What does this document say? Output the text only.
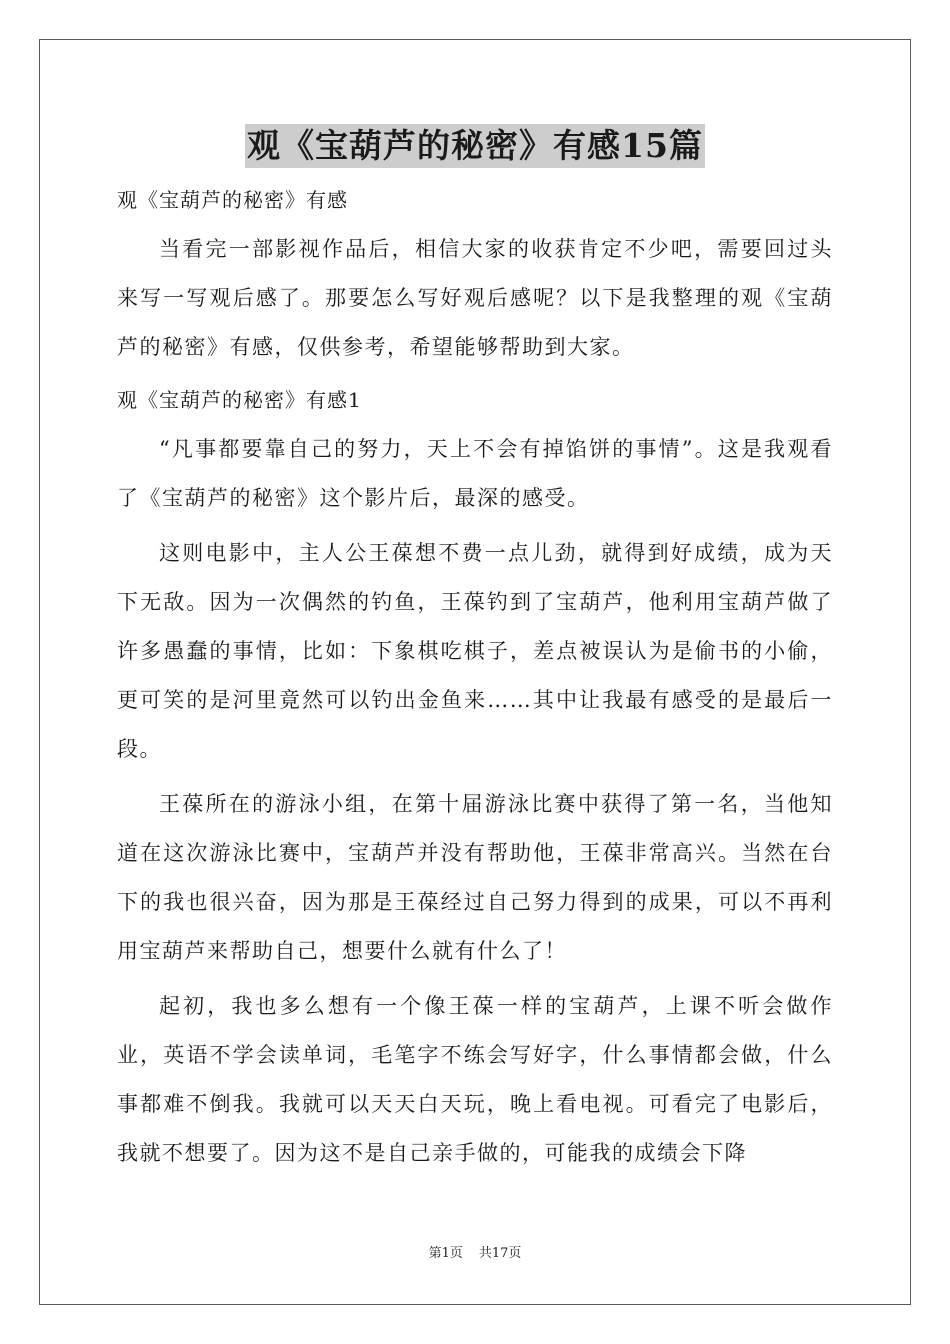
观《宝葫芦的秘密》有感15篇

观《宝葫芦的秘密》有感

当看完一部影视作品后，相信大家的收获肯定不少吧，需要回过头来写一写观后感了。那要怎么写好观后感呢？以下是我整理的观《宝葫芦的秘密》有感，仅供参考，希望能够帮助到大家。

观《宝葫芦的秘密》有感1

“凡事都要靠自己的努力，天上不会有掉馅饼的事情”。这是我观看了《宝葫芦的秘密》这个影片后，最深的感受。

这则电影中，主人公王葆想不费一点儿劲，就得到好成绩，成为天下无敌。因为一次偶然的钓鱼，王葆钓到了宝葫芦，他利用宝葫芦做了许多愚蠢的事情，比如：下象棋吃棋子，差点被误认为是偷书的小偷，更可笑的是河里竟然可以钓出金鱼来……其中让我最有感受的是最后一段。

王葆所在的游泳小组，在第十届游泳比赛中获得了第一名，当他知道在这次游泳比赛中，宝葫芦并没有帮助他，王葆非常高兴。当然在台下的我也很兴奋，因为那是王葆经过自己努力得到的成果，可以不再利用宝葫芦来帮助自己，想要什么就有什么了！

起初，我也多么想有一个像王葆一样的宝葫芦，上课不听会做作业，英语不学会读单词，毛笔字不练会写好字，什么事情都会做，什么事都难不倒我。我就可以天天白天玩，晚上看电视。可看完了电影后，我就不想要了。因为这不是自己亲手做的，可能我的成绩会下降

第1页 共17页
